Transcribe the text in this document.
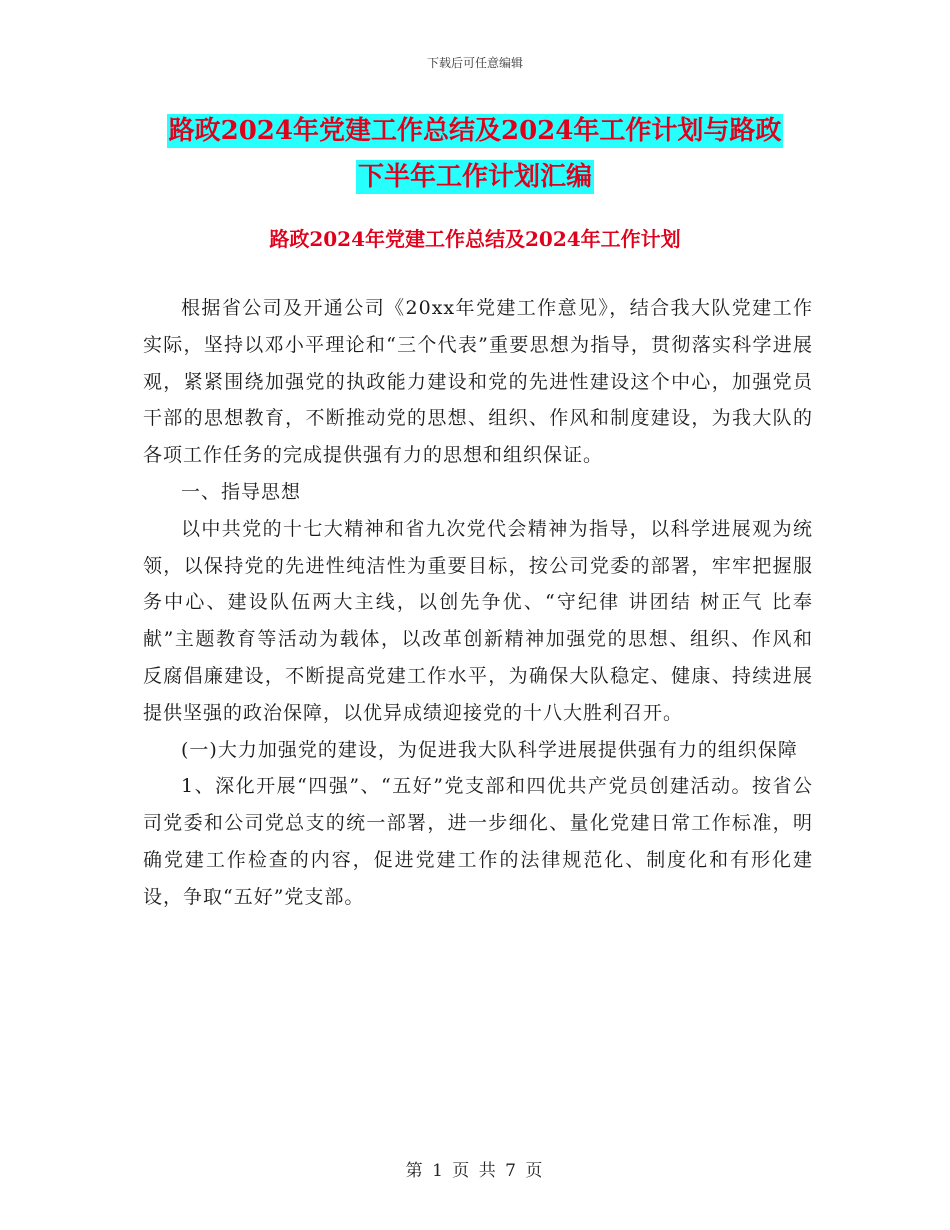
下载后可任意编辑
路政2024年党建工作总结及2024年工作计划与路政
下半年工作计划汇编
路政2024年党建工作总结及2024年工作计划

根据省公司及开通公司《20xx年党建工作意见》，结合我大队党建工作实际，坚持以邓小平理论和“三个代表”重要思想为指导，贯彻落实科学进展观，紧紧围绕加强党的执政能力建设和党的先进性建设这个中心，加强党员干部的思想教育，不断推动党的思想、组织、作风和制度建设，为我大队的各项工作任务的完成提供强有力的思想和组织保证。

一、指导思想

以中共党的十七大精神和省九次党代会精神为指导，以科学进展观为统领，以保持党的先进性纯洁性为重要目标，按公司党委的部署，牢牢把握服务中心、建设队伍两大主线，以创先争优、“守纪律 讲团结 树正气 比奉献”主题教育等活动为载体，以改革创新精神加强党的思想、组织、作风和反腐倡廉建设，不断提高党建工作水平，为确保大队稳定、健康、持续进展提供坚强的政治保障，以优异成绩迎接党的十八大胜利召开。

(一)大力加强党的建设，为促进我大队科学进展提供强有力的组织保障

1、深化开展“四强”、“五好”党支部和四优共产党员创建活动。按省公司党委和公司党总支的统一部署，进一步细化、量化党建日常工作标准，明确党建工作检查的内容，促进党建工作的法律规范化、制度化和有形化建设，争取“五好”党支部。

第 1 页 共 7 页
